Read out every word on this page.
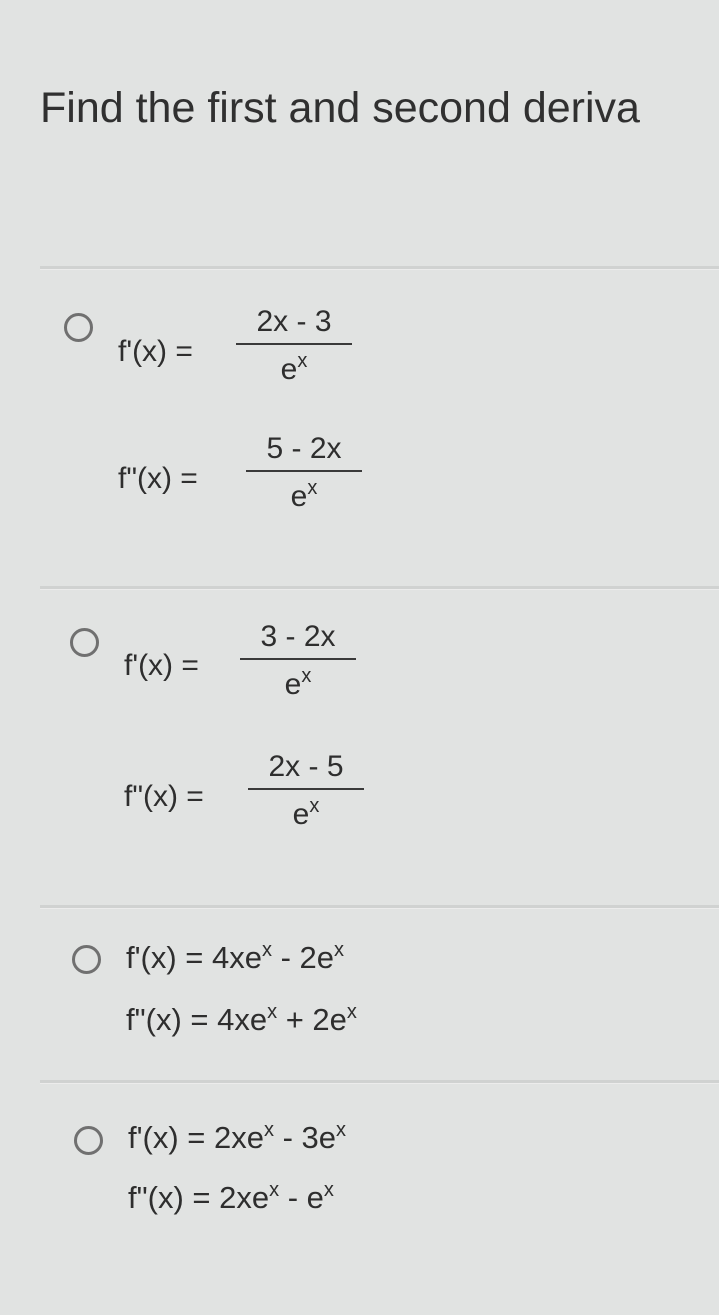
Find the first and second deriva
$f'(x) = \frac{2x - 3}{e^x}$
f"(x) = $\frac{5 - 2x}{e^x}$
$f'(x) = \frac{3 - 2x}{e^x}$
f"(x) = $\frac{2x - 5}{e^x}$
$f'(x) = 4xe^x - 2e^x$
f"(x) = $4xe^x + 2e^x$
$f'(x) = 2xe^x - 3e^x$
f"(x) = $2xe^x - e^x$
